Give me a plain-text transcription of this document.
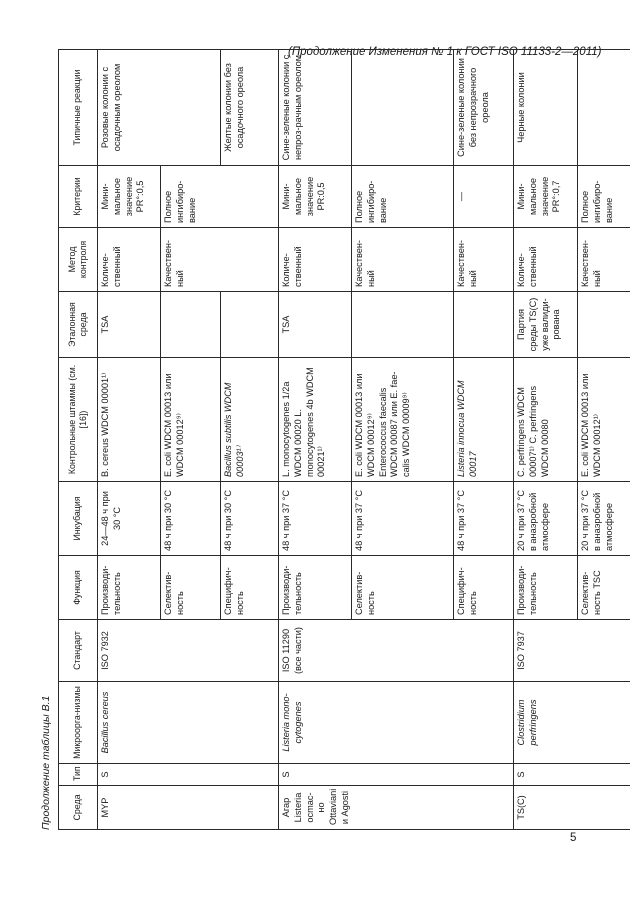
(Продолжение Изменения № 1 к ГОСТ ISO 11133-2—2011)
Продолжение таблицы В.1 Среда	Тип	Микроорга-низмы	Стандарт	Функция	Инкубация	Контрольные штаммы (см. [16])	Эталонная среда	Метод контроля	Критерии	Типичные реакции
MYP	S	Bacillus cereus	ISO 7932	Производи-тельность	24—48 ч при 30 °С	B. cereus WDCM 00001¹⁾	TSA	Количе-ственный	Мини-мальное значение PR°:0,5	Розовые колонии с осадочным ореолом
				Селектив-ность	48 ч при 30 °С	E. coli WDCM 00013 или WDCM 00012⁹⁾		Качествен-ный	Полное ингибиро-вание	
				Специфич-ность	48 ч при 30 °С	Bacillus subtilis WDCM 00003¹⁾				Желтые колонии без осадочного ореола
Агар Listeria ocmac-но Ottaviani и Agosti	S	Listeria mono-cytogenes	ISO 11290 (все части)	Производи-тельность	48 ч при 37 °С	L. monocytogenes 1/2a WDCM 00020 L. monocytogenes 4b WDCM 00021¹⁾	TSA	Количе-ственный	Мини-мальное значение PR:0,5	Сине-зеленые колонии с непроз-рачным ореолом
				Селектив-ность	48 ч при 37 °С	E. coli WDCM 00013 или WDCM 00012⁹⁾ Enterococcus faecalis WDCM 00087 или E. fae-calis WDCM 00009⁹⁾		Качествен-ный	Полное ингибиро-вание	
				Специфич-ность	48 ч при 37 °С	Listeria innocua WDCM 00017		Качествен-ный	—	Сине-зеленые колонии без непрозрачного ореола
TS(C)	S	Clostridium perfringens	ISO 7937	Производи-тельность	20 ч при 37 °С в анаэробной атмосфере	C. perfringens WDCM 00007¹⁾ C. perfringens WDCM 00080	Партия среды TS(C) уже валиди-рована	Количе-ственный	Мини-мальное значение PR°:0,7	Черные колонии
				Селектив-ность TSC	20 ч при 37 °С в анаэробной атмосфере	E. coli WDCM 00013 или WDCM 00012¹⁾		Качествен-ный	Полное ингибиро-вание	
5
